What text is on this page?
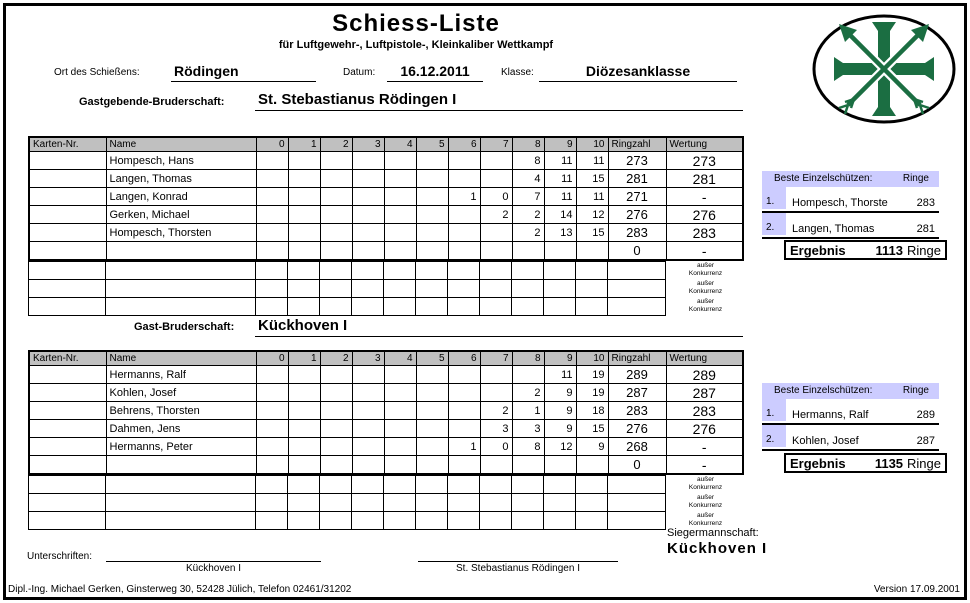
Schiess-Liste
für Luftgewehr-, Luftpistole-, Kleinkaliber Wettkampf
Ort des Schießens: Rödingen	Datum:	16.12.2011	Klasse:	Diözesanklasse
Gastgebende-Bruderschaft: St. Stebastianus Rödingen I
Karten-Nr.	Name	0	1	2	3	4	5	6	7	8	9	10	Ringzahl	Wertung
	Hompesch, Hans									8	11	11	273	273
	Langen, Thomas									4	11	15	281	281
	Langen, Konrad							1	0	7	11	11	271	-
	Gerken, Michael								2	2	14	12	276	276
	Hompesch, Thorsten									2	13	15	283	283
													0	-

außer
Konkurrenz
außer
Konkurrenz
außer
Konkurrenz
Beste Einzelschützen:	Ringe
1.	Hompesch, Thorste	283
2.	Langen, Thomas	281
Ergebnis 1113 Ringe
Gast-Bruderschaft: Kückhoven I
Karten-Nr.	Name	0	1	2	3	4	5	6	7	8	9	10	Ringzahl	Wertung
	Hermanns, Ralf										11	19	289	289
	Kohlen, Josef									2	9	19	287	287
	Behrens, Thorsten								2	1	9	18	283	283
	Dahmen, Jens								3	3	9	15	276	276
	Hermanns, Peter							1	0	8	12	9	268	-
													0	-

außer
Konkurrenz
außer
Konkurrenz
außer
Konkurrenz
Beste Einzelschützen:	Ringe
1.	Hermanns, Ralf	289
2.	Kohlen, Josef	287
Ergebnis 1135 Ringe
Siegermannschaft:
Kückhoven I
Unterschriften:
Kückhoven I	St. Stebastianus Rödingen I
Dipl.-Ing. Michael Gerken, Ginsterweg 30, 52428 Jülich, Telefon 02461/31202	Version 17.09.2001
